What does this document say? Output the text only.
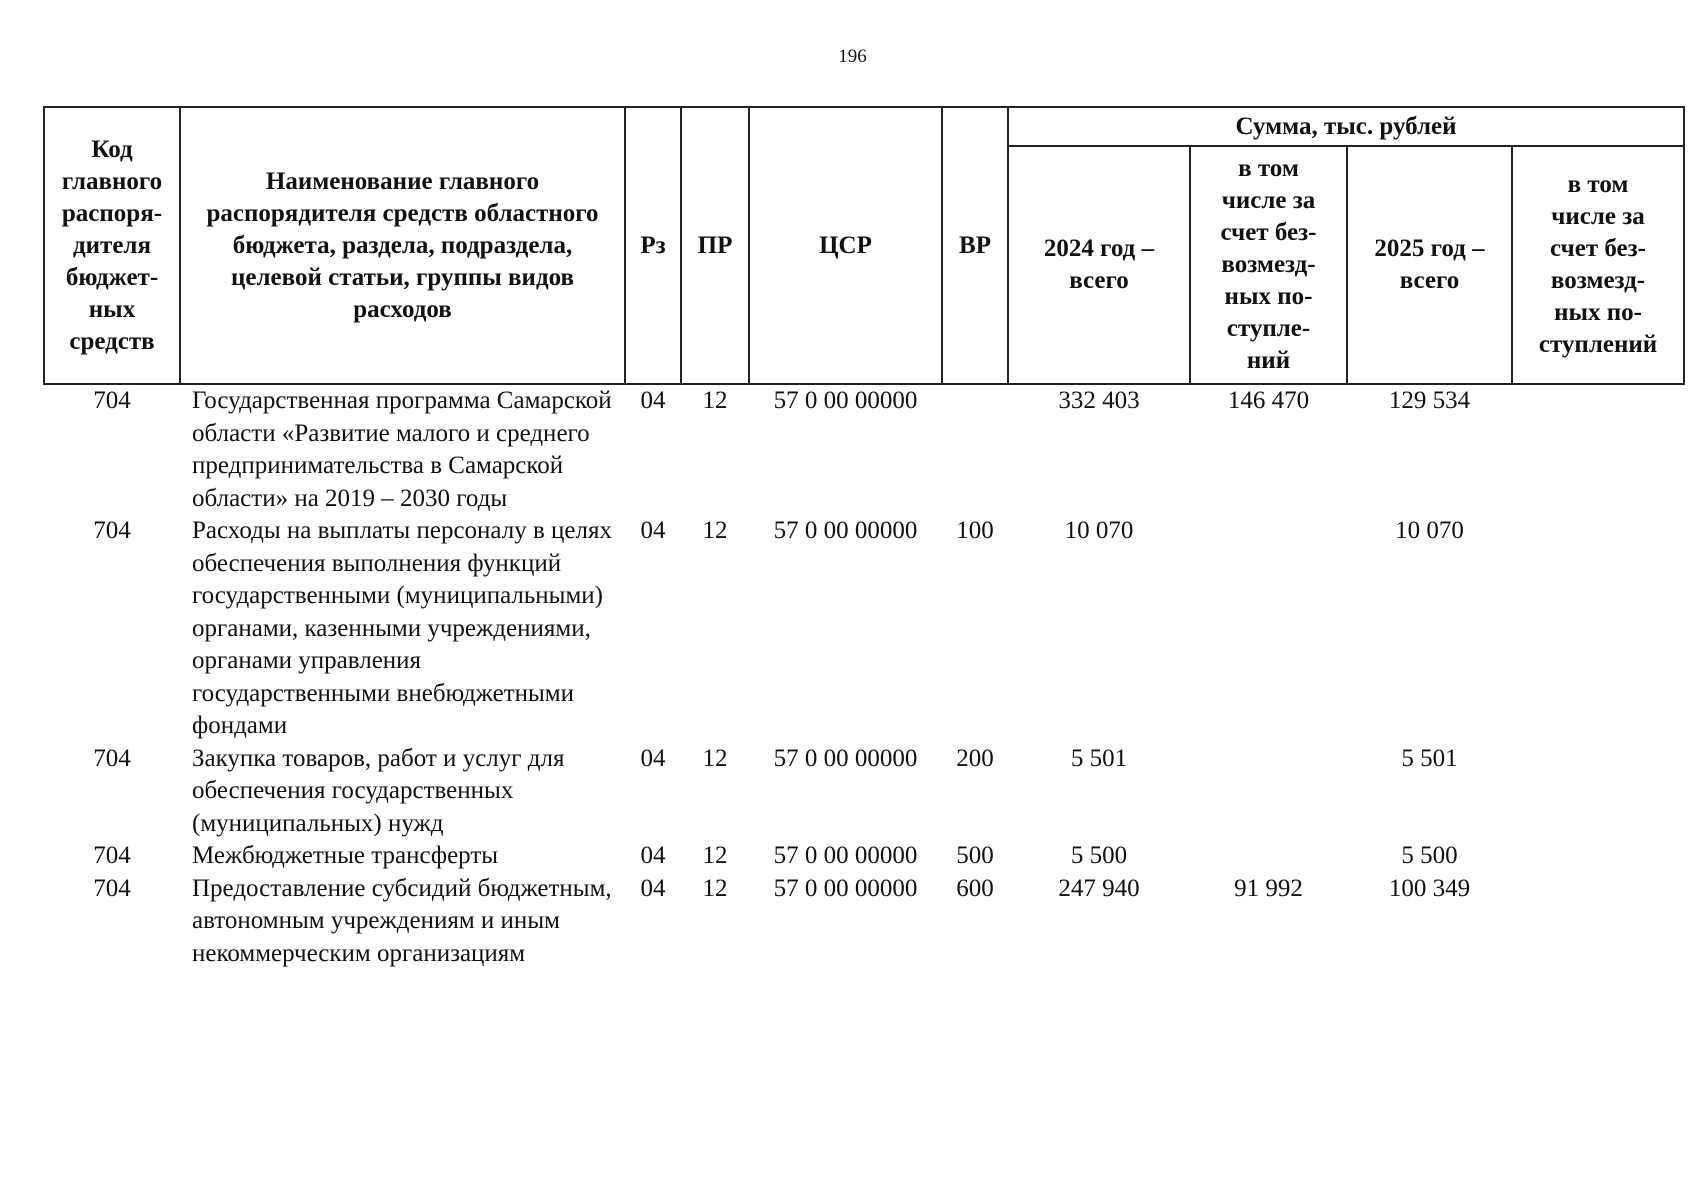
196
Код главного распоря-дителя бюджет-ных средств	Наименование главного распорядителя средств областного бюджета, раздела, подраздела, целевой статьи, группы видов расходов	Рз	ПР	ЦСР	ВР	Сумма, тыс. рублей			
						2024 год – всего	в том числе за счет без-возмезд-ных по-ступле-ний	2025 год – всего	в том числе за счет без-возмезд-ных по-ступлений
704	Государственная программа Самарской области «Развитие малого и среднего предпринимательства в Самарской области» на 2019 – 2030 годы	04	12	57 0 00 00000		332 403	146 470	129 534	
704	Расходы на выплаты персоналу в целях обеспечения выполнения функций государственными (муниципальными) органами, казенными учреждениями, органами управления государственными внебюджетными фондами	04	12	57 0 00 00000	100	10 070		10 070	
704	Закупка товаров, работ и услуг для обеспечения государственных (муниципальных) нужд	04	12	57 0 00 00000	200	5 501		5 501	
704	Межбюджетные трансферты	04	12	57 0 00 00000	500	5 500		5 500	
704	Предоставление субсидий бюджетным, автономным учреждениям и иным некоммерческим организациям	04	12	57 0 00 00000	600	247 940	91 992	100 349	
